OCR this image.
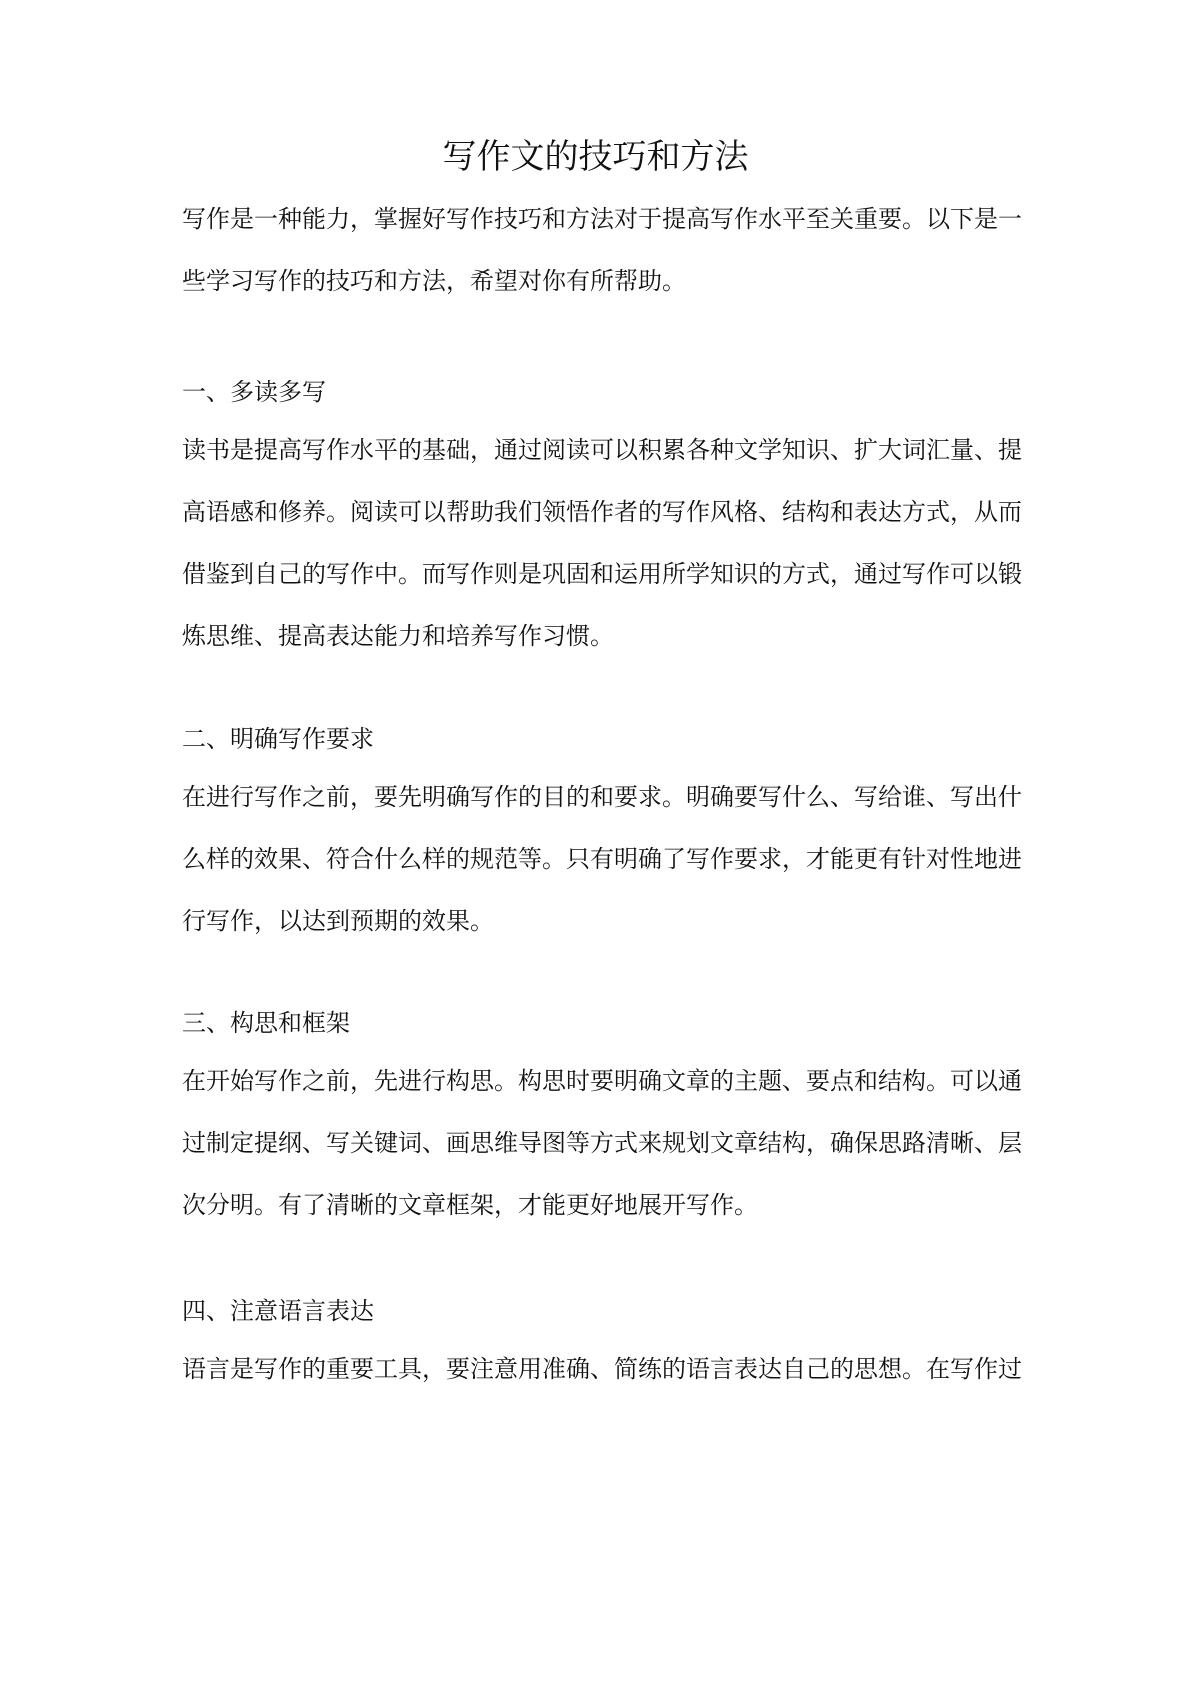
写作文的技巧和方法

写作是一种能力，掌握好写作技巧和方法对于提高写作水平至关重要。以下是一
些学习写作的技巧和方法，希望对你有所帮助。

一、多读多写

读书是提高写作水平的基础，通过阅读可以积累各种文学知识、扩大词汇量、提
高语感和修养。阅读可以帮助我们领悟作者的写作风格、结构和表达方式，从而
借鉴到自己的写作中。而写作则是巩固和运用所学知识的方式，通过写作可以锻
炼思维、提高表达能力和培养写作习惯。

二、明确写作要求

在进行写作之前，要先明确写作的目的和要求。明确要写什么、写给谁、写出什
么样的效果、符合什么样的规范等。只有明确了写作要求，才能更有针对性地进
行写作，以达到预期的效果。

三、构思和框架

在开始写作之前，先进行构思。构思时要明确文章的主题、要点和结构。可以通
过制定提纲、写关键词、画思维导图等方式来规划文章结构，确保思路清晰、层
次分明。有了清晰的文章框架，才能更好地展开写作。

四、注意语言表达

语言是写作的重要工具，要注意用准确、简练的语言表达自己的思想。在写作过
